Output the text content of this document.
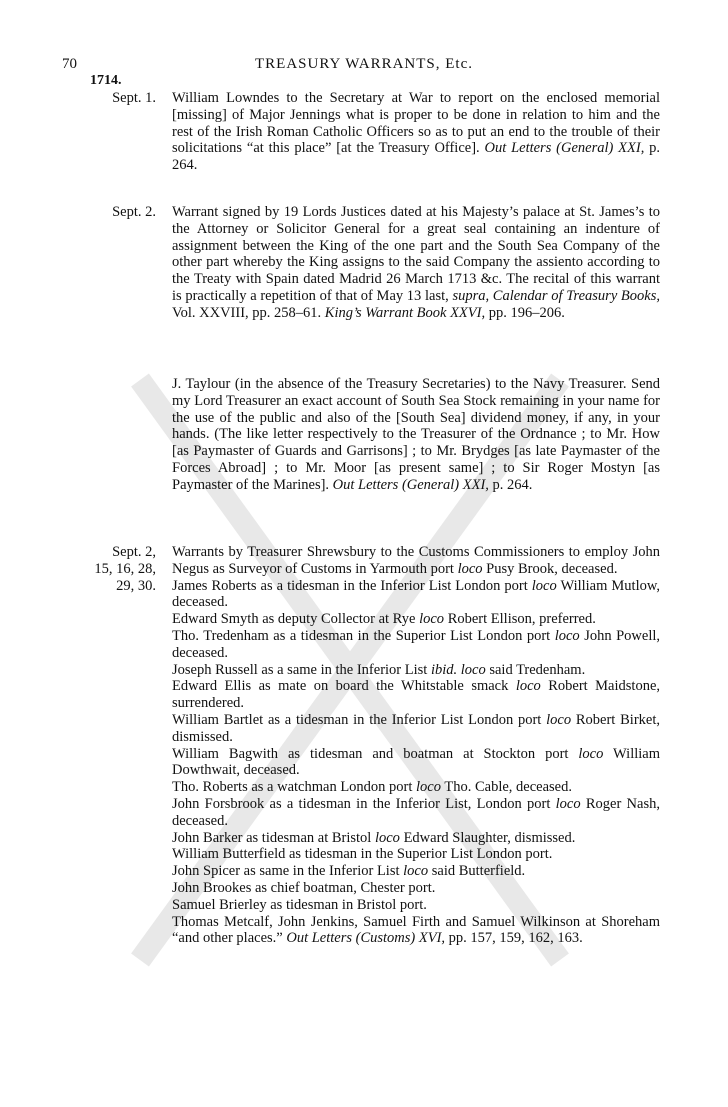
70	TREASURY WARRANTS, Etc.
1714.
Sept. 1. William Lowndes to the Secretary at War to report on the enclosed memorial [missing] of Major Jennings what is proper to be done in relation to him and the rest of the Irish Roman Catholic Officers so as to put an end to the trouble of their solicitations “at this place” [at the Treasury Office]. Out Letters (General) XXI, p. 264.

Sept. 2. Warrant signed by 19 Lords Justices dated at his Majesty’s palace at St. James’s to the Attorney or Solicitor General for a great seal containing an indenture of assignment between the King of the one part and the South Sea Company of the other part whereby the King assigns to the said Company the assiento according to the Treaty with Spain dated Madrid 26 March 1713 &c. The recital of this warrant is practically a repetition of that of May 13 last, supra, Calendar of Treasury Books, Vol. XXVIII, pp. 258–61. King’s Warrant Book XXVI, pp. 196–206.

J. Taylour (in the absence of the Treasury Secretaries) to the Navy Treasurer. Send my Lord Treasurer an exact account of South Sea Stock remaining in your name for the use of the public and also of the [South Sea] dividend money, if any, in your hands. (The like letter respectively to the Treasurer of the Ordnance ; to Mr. How [as Paymaster of Guards and Garrisons] ; to Mr. Brydges [as late Paymaster of the Forces Abroad] ; to Mr. Moor [as present same] ; to Sir Roger Mostyn [as Paymaster of the Marines]. Out Letters (General) XXI, p. 264.

Sept. 2,
15, 16, 28,
29, 30.

Warrants by Treasurer Shrewsbury to the Customs Commissioners to employ John Negus as Surveyor of Customs in Yarmouth port loco Pusy Brook, deceased.

James Roberts as a tidesman in the Inferior List London port loco William Mutlow, deceased.

Edward Smyth as deputy Collector at Rye loco Robert Ellison, preferred.

Tho. Tredenham as a tidesman in the Superior List London port loco John Powell, deceased.

Joseph Russell as a same in the Inferior List ibid. loco said Tredenham.

Edward Ellis as mate on board the Whitstable smack loco Robert Maidstone, surrendered.

William Bartlet as a tidesman in the Inferior List London port loco Robert Birket, dismissed.

William Bagwith as tidesman and boatman at Stockton port loco William Dowthwait, deceased.

Tho. Roberts as a watchman London port loco Tho. Cable, deceased.

John Forsbrook as a tidesman in the Inferior List, London port loco Roger Nash, deceased.

John Barker as tidesman at Bristol loco Edward Slaughter, dismissed.

William Butterfield as tidesman in the Superior List London port.

John Spicer as same in the Inferior List loco said Butterfield.

John Brookes as chief boatman, Chester port.

Samuel Brierley as tidesman in Bristol port.

Thomas Metcalf, John Jenkins, Samuel Firth and Samuel Wilkinson at Shoreham “and other places.” Out Letters (Customs) XVI, pp. 157, 159, 162, 163.
